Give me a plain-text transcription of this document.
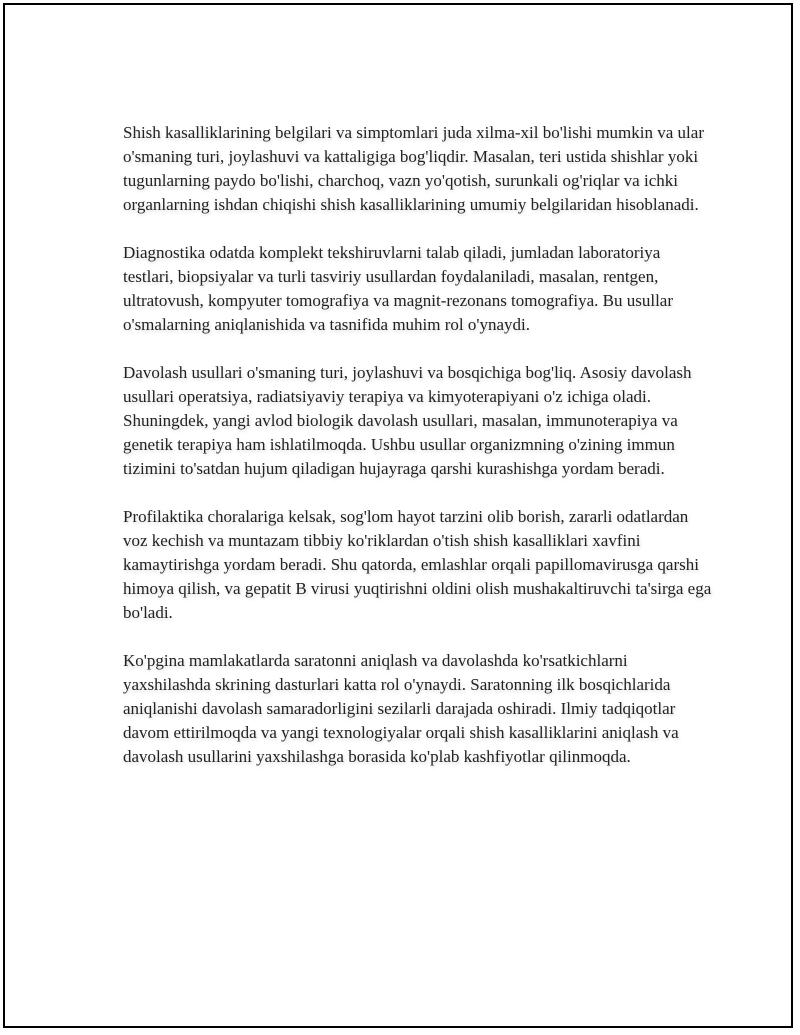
Shish kasalliklarining belgilari va simptomlari juda xilma-xil bo'lishi mumkin va ular o'smaning turi, joylashuvi va kattaligiga bog'liqdir. Masalan, teri ustida shishlar yoki tugunlarning paydo bo'lishi, charchoq, vazn yo'qotish, surunkali og'riqlar va ichki organlarning ishdan chiqishi shish kasalliklarining umumiy belgilaridan hisoblanadi.

Diagnostika odatda komplekt tekshiruvlarni talab qiladi, jumladan laboratoriya testlari, biopsiyalar va turli tasviriy usullardan foydalaniladi, masalan, rentgen, ultratovush, kompyuter tomografiya va magnit-rezonans tomografiya. Bu usullar o'smalarning aniqlanishida va tasnifida muhim rol o'ynaydi.

Davolash usullari o'smaning turi, joylashuvi va bosqichiga bog'liq. Asosiy davolash usullari operatsiya, radiatsiyaviy terapiya va kimyoterapiyani o'z ichiga oladi. Shuningdek, yangi avlod biologik davolash usullari, masalan, immunoterapiya va genetik terapiya ham ishlatilmoqda. Ushbu usullar organizmning o'zining immun tizimini to'satdan hujum qiladigan hujayraga qarshi kurashishga yordam beradi.

Profilaktika choralariga kelsak, sog'lom hayot tarzini olib borish, zararli odatlardan voz kechish va muntazam tibbiy ko'riklardan o'tish shish kasalliklari xavfini kamaytirishga yordam beradi. Shu qatorda, emlashlar orqali papillomavirusga qarshi himoya qilish, va gepatit B virusi yuqtirishni oldini olish mushakaltiruvchi ta'sirga ega bo'ladi.

Ko'pgina mamlakatlarda saratonni aniqlash va davolashda ko'rsatkichlarni yaxshilashda skrining dasturlari katta rol o'ynaydi. Saratonning ilk bosqichlarida aniqlanishi davolash samaradorligini sezilarli darajada oshiradi. Ilmiy tadqiqotlar davom ettirilmoqda va yangi texnologiyalar orqali shish kasalliklarini aniqlash va davolash usullarini yaxshilashga borasida ko'plab kashfiyotlar qilinmoqda.
